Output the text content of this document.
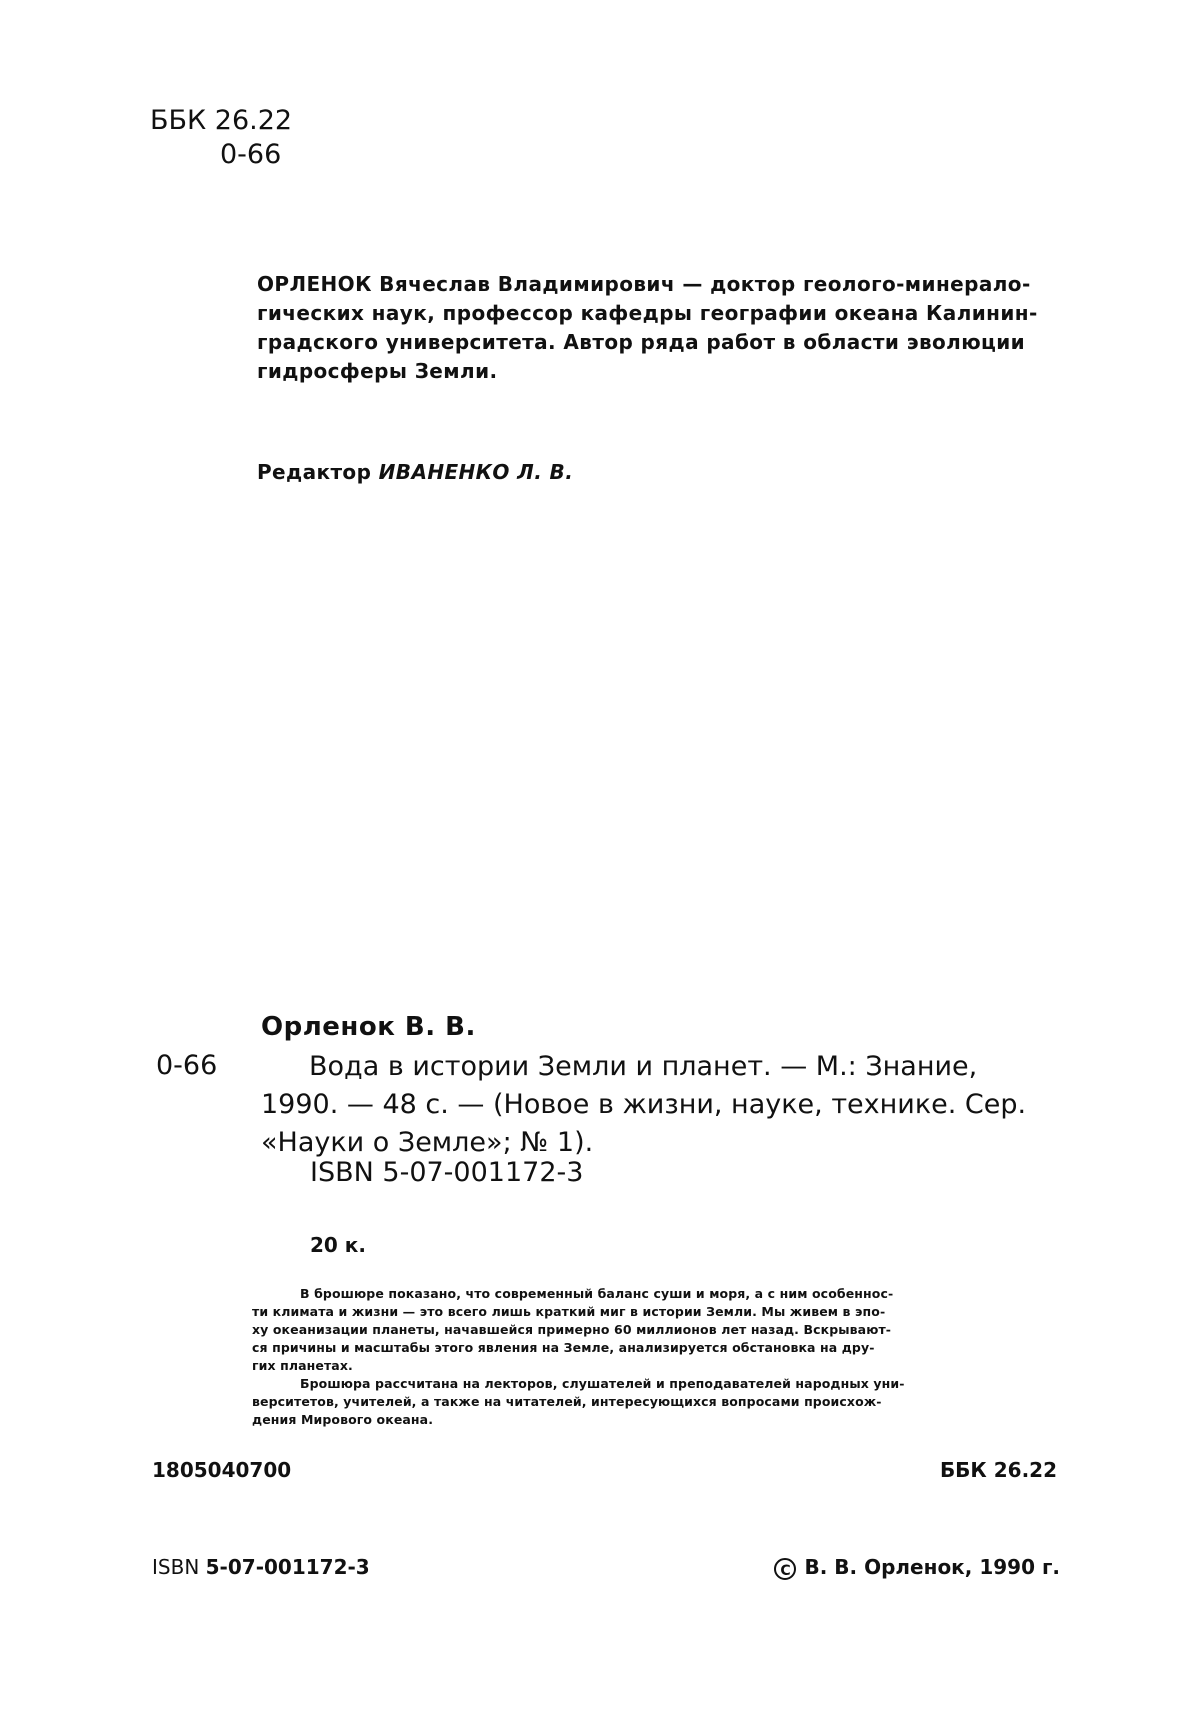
ББК 26.22
0-66
ОРЛЕНОК Вячеслав Владимирович — доктор геолого-минерало-
гических наук, профессор кафедры географии океана Калинин-
градского университета. Автор ряда работ в области эволюции
гидросферы Земли.
Редактор ИВАНЕНКО Л. В.
Орленок В. В.
0-66	Вода в истории Земли и планет. — М.: Знание,
1990. — 48 с. — (Новое в жизни, науке, технике. Сер.
«Науки о Земле»; № 1).
ISBN 5-07-001172-3
20 к.
В брошюре показано, что современный баланс суши и моря, а с ним особеннос-
ти климата и жизни — это всего лишь краткий миг в истории Земли. Мы живем в эпо-
ху океанизации планеты, начавшейся примерно 60 миллионов лет назад. Вскрывают-
ся причины и масштабы этого явления на Земле, анализируется обстановка на дру-
гих планетах.
Брошюра рассчитана на лекторов, слушателей и преподавателей народных уни-
верситетов, учителей, а также на читателей, интересующихся вопросами происхож-
дения Мирового океана.
1805040700	ББК 26.22
ISBN 5-07-001172-3	C В. В. Орленок, 1990 г.
